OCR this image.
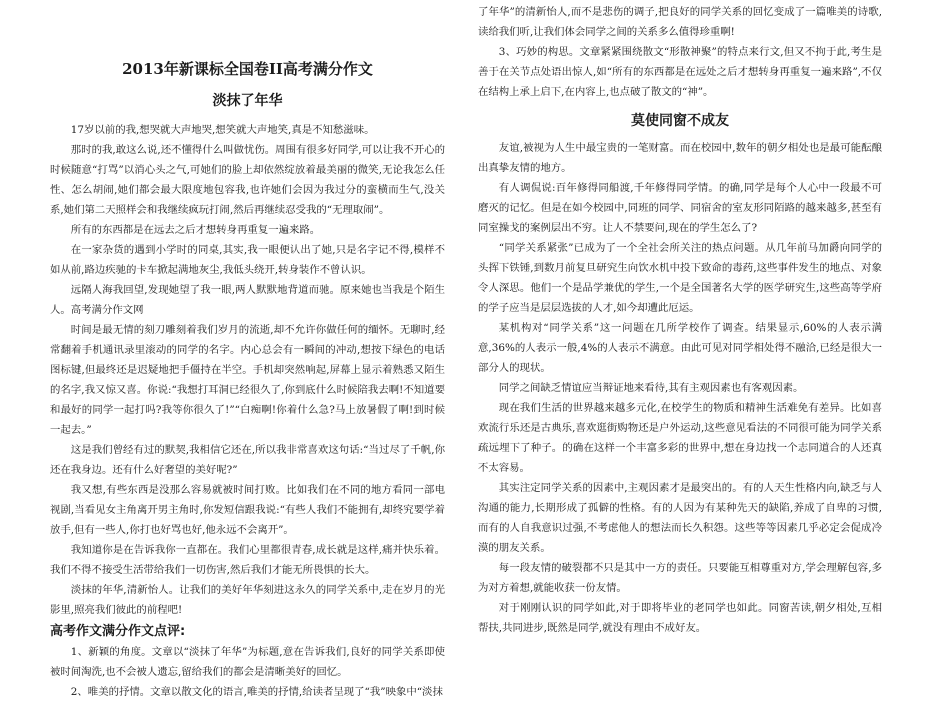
2013年新课标全国卷II高考满分作文
淡抹了年华

17岁以前的我,想哭就大声地哭,想笑就大声地笑,真是不知愁滋味。

那时的我,敢这么说,还不懂得什么叫做忧伤。周围有很多好同学,可以让我不开心的时候随意“打骂”以消心头之气,可她们的脸上却依然绽放着最美丽的微笑,无论我怎么任性、怎么胡闹,她们都会最大限度地包容我,也许她们会因为我过分的蛮横而生气,没关系,她们第二天照样会和我继续疯玩打闹,然后再继续忍受我的“无理取闹”。

所有的东西都是在远去之后才想转身再重复一遍来路。

在一家杂货的遇到小学时的同桌,其实,我一眼便认出了她,只是名字记不得,模样不如从前,路边疾驰的卡车掀起满地灰尘,我低头绕开,转身装作不曾认识。

远隔人海我回望,发现她望了我一眼,两人默默地背道而驰。原来她也当我是个陌生人。高考满分作文网

时间是最无情的刻刀雕刻着我们岁月的流逝,却不允许你做任何的缅怀。无聊时,经常翻着手机通讯录里滚动的同学的名字。内心总会有一瞬间的冲动,想按下绿色的电话图标键,但最终还是迟疑地把手僵持在半空。手机却突然响起,屏幕上显示着熟悉又陌生的名字,我又惊又喜。你说:“我想打耳洞已经很久了,你到底什么时候陪我去啊!不知道要和最好的同学一起打吗?我等你很久了!”“白痴啊!你着什么急?马上放暑假了啊!到时候一起去。”

这是我们曾经有过的默契,我相信它还在,所以我非常喜欢这句话:“当过尽了千帆,你还在我身边。还有什么好奢望的美好呢?”

我又想,有些东西是没那么容易就被时间打败。比如我们在不同的地方看同一部电视剧,当看见女主角离开男主角时,你发短信跟我说:“有些人我们不能拥有,却终究要学着放手,但有一些人,你打也好骂也好,他永远不会离开”。

我知道你是在告诉我你一直都在。我们心里都很青春,成长就是这样,痛并快乐着。我们不得不接受生活带给我们一切伤害,然后我们才能无所畏惧的长大。

淡抹的年华,清新怡人。让我们的美好年华刻进这永久的同学关系中,走在岁月的光影里,照亮我们彼此的前程吧!

高考作文满分作文点评:

1、新颖的角度。文章以“淡抹了年华”为标题,意在告诉我们,良好的同学关系即使被时间淘洗,也不会被人遗忘,留给我们的都会是清晰美好的回忆。

2、唯美的抒情。文章以散文化的语言,唯美的抒情,给读者呈现了“我”映象中“淡抹

了年华”的清新怡人,而不是悲伤的调子,把良好的同学关系的回忆变成了一篇唯美的诗歌,读给我们听,让我们体会同学之间的关系多么值得珍重啊!

3、巧妙的构思。文章紧紧围绕散文“形散神聚”的特点来行文,但又不拘于此,考生是善于在关节点处语出惊人,如“所有的东西都是在远处之后才想转身再重复一遍来路”,不仅在结构上承上启下,在内容上,也点破了散文的“神”。

莫使同窗不成友

友谊,被视为人生中最宝贵的一笔财富。而在校园中,数年的朝夕相处也是最可能酝酿出真挚友情的地方。

有人调侃说:百年修得同船渡,千年修得同学情。的确,同学是每个人心中一段最不可磨灭的记忆。但是在如今校园中,同班的同学、同宿舍的室友形同陌路的越来越多,甚至有同室操戈的案例层出不穷。让人不禁要问,现在的学生怎么了?

“同学关系紧张”已成为了一个全社会所关注的热点问题。从几年前马加爵向同学的头挥下铁锤,到数月前复旦研究生向饮水机中投下致命的毒药,这些事件发生的地点、对象令人深思。他们一个是品学兼优的学生,一个是全国著名大学的医学研究生,这些高等学府的学子应当是层层选拔的人才,如今却遭此厄运。

某机构对“同学关系”这一问题在几所学校作了调查。结果显示,60%的人表示满意,36%的人表示一般,4%的人表示不满意。由此可见对同学相处得不融洽,已经是很大一部分人的现状。

同学之间缺乏情谊应当辩证地来看待,其有主观因素也有客观因素。

现在我们生活的世界越来越多元化,在校学生的物质和精神生活难免有差异。比如喜欢流行乐还是古典乐,喜欢逛街购物还是户外运动,这些意见看法的不同很可能为同学关系疏远埋下了种子。的确在这样一个丰富多彩的世界中,想在身边找一个志同道合的人还真不太容易。

其实注定同学关系的因素中,主观因素才是最突出的。有的人天生性格内向,缺乏与人沟通的能力,长期形成了孤僻的性格。有的人因为有某种先天的缺陷,养成了自卑的习惯,而有的人自我意识过强,不考虑他人的想法而长久积怨。这些等等因素几乎必定会促成冷漠的朋友关系。

每一段友情的破裂都不只是其中一方的责任。只要能互相尊重对方,学会理解包容,多为对方着想,就能收获一份友情。

对于刚刚认识的同学如此,对于即将毕业的老同学也如此。同窗苦读,朝夕相处,互相帮扶,共同进步,既然是同学,就没有理由不成好友。
